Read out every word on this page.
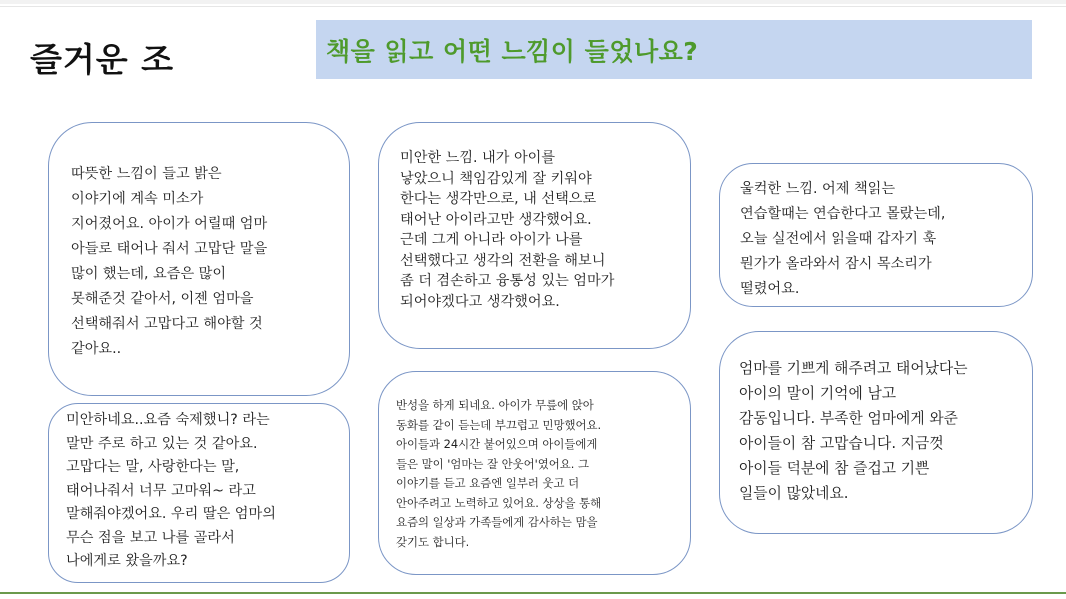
즐거운 조	책을 읽고 어떤 느낌이 들었나요?
따뜻한 느낌이 들고 밝은
이야기에 계속 미소가
지어졌어요. 아이가 어릴때 엄마
아들로 태어나 줘서 고맙단 말을
많이 했는데, 요즘은 많이
못해준것 같아서, 이젠 엄마을
선택해줘서 고맙다고 해야할 것
같아요..
미안하네요..요즘 숙제했니? 라는
말만 주로 하고 있는 것 같아요.
고맙다는 말, 사랑한다는 말,
태어나줘서 너무 고마워~ 라고
말해줘야겠어요. 우리 딸은 엄마의
무슨 점을 보고 나를 골라서
나에게로 왔을까요?
미안한 느낌. 내가 아이를
낳았으니 책임감있게 잘 키워야
한다는 생각만으로, 내 선택으로
태어난 아이라고만 생각했어요.
근데 그게 아니라 아이가 나를
선택했다고 생각의 전환을 해보니
좀 더 겸손하고 융통성 있는 엄마가
되어야겠다고 생각했어요.
반성을 하게 되네요. 아이가 무릎에 앉아
동화를 같이 듣는데 부끄럽고 민망했어요.
아이들과 24시간 붙어있으며 아이들에게
들은 말이 '엄마는 잘 안웃어'였어요. 그
이야기를 듣고 요즘엔 일부러 웃고 더
안아주려고 노력하고 있어요. 상상을 통해
요즘의 일상과 가족들에게 감사하는 맘을
갖기도 합니다.
울컥한 느낌. 어제 책읽는
연습할때는 연습한다고 몰랐는데,
오늘 실전에서 읽을때 갑자기 훅
뭔가가 올라와서 잠시 목소리가
떨렸어요.
엄마를 기쁘게 해주려고 태어났다는
아이의 말이 기억에 남고
감동입니다. 부족한 엄마에게 와준
아이들이 참 고맙습니다. 지금껏
아이들 덕분에 참 즐겁고 기쁜
일들이 많았네요.
